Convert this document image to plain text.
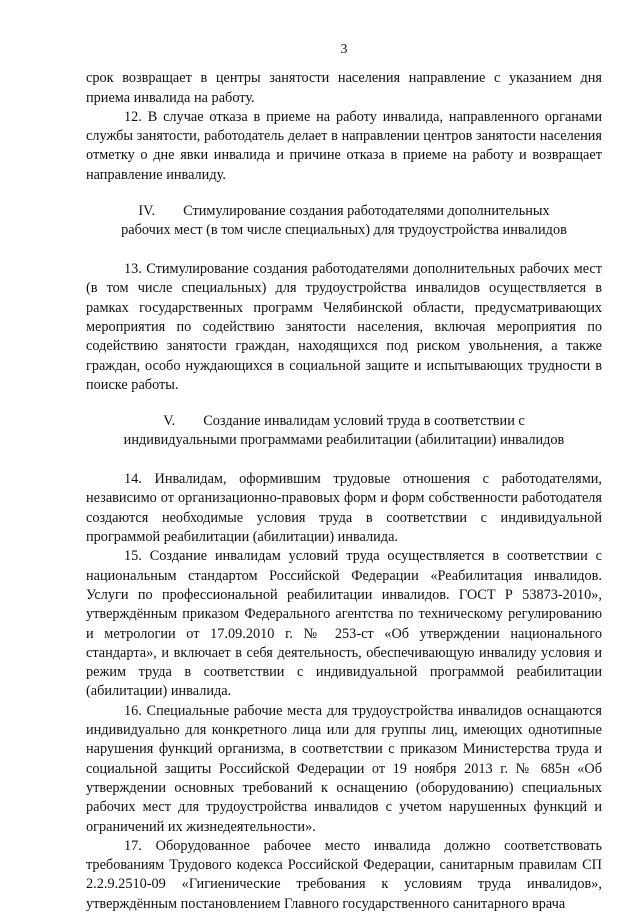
3

срок возвращает в центры занятости населения направление с указанием дня приема инвалида на работу.

12. В случае отказа в приеме на работу инвалида, направленного органами службы занятости, работодатель делает в направлении центров занятости населения отметку о дне явки инвалида и причине отказа в приеме на работу и возвращает направление инвалиду.

IV. Стимулирование создания работодателями дополнительных
рабочих мест (в том числе специальных) для трудоустройства инвалидов

13. Стимулирование создания работодателями дополнительных рабочих мест (в том числе специальных) для трудоустройства инвалидов осуществляется в рамках государственных программ Челябинской области, предусматривающих мероприятия по содействию занятости населения, включая мероприятия по содействию занятости граждан, находящихся под риском увольнения, а также граждан, особо нуждающихся в социальной защите и испытывающих трудности в поиске работы.

V. Создание инвалидам условий труда в соответствии с
индивидуальными программами реабилитации (абилитации) инвалидов

14. Инвалидам, оформившим трудовые отношения с работодателями, независимо от организационно-правовых форм и форм собственности работодателя создаются необходимые условия труда в соответствии с индивидуальной программой реабилитации (абилитации) инвалида.

15. Создание инвалидам условий труда осуществляется в соответствии с национальным стандартом Российской Федерации «Реабилитация инвалидов. Услуги по профессиональной реабилитации инвалидов. ГОСТ Р 53873-2010», утверждённым приказом Федерального агентства по техническому регулированию и метрологии от 17.09.2010 г. № 253-ст «Об утверждении национального стандарта», и включает в себя деятельность, обеспечивающую инвалиду условия и режим труда в соответствии с индивидуальной программой реабилитации (абилитации) инвалида.

16. Специальные рабочие места для трудоустройства инвалидов оснащаются индивидуально для конкретного лица или для группы лиц, имеющих однотипные нарушения функций организма, в соответствии с приказом Министерства труда и социальной защиты Российской Федерации от 19 ноября 2013 г. № 685н «Об утверждении основных требований к оснащению (оборудованию) специальных рабочих мест для трудоустройства инвалидов с учетом нарушенных функций и ограничений их жизнедеятельности».

17. Оборудованное рабочее место инвалида должно соответствовать требованиям Трудового кодекса Российской Федерации, санитарным правилам СП 2.2.9.2510-09 «Гигиенические требования к условиям труда инвалидов», утверждённым постановлением Главного государственного санитарного врача
